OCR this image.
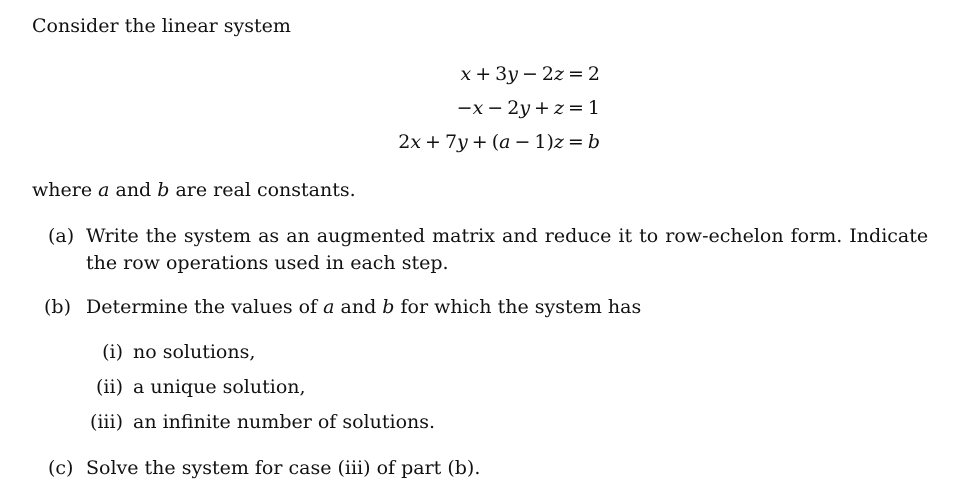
Consider the linear system
x + 3y − 2z = 2
−x − 2y + z = 1
2x + 7y + (a − 1)z = b
where a and b are real constants.
(a) Write the system as an augmented matrix and reduce it to row-echelon form. Indicate
the row operations used in each step.
(b) Determine the values of a and b for which the system has
(i) no solutions,
(ii) a unique solution,
(iii) an infinite number of solutions.
(c) Solve the system for case (iii) of part (b).
